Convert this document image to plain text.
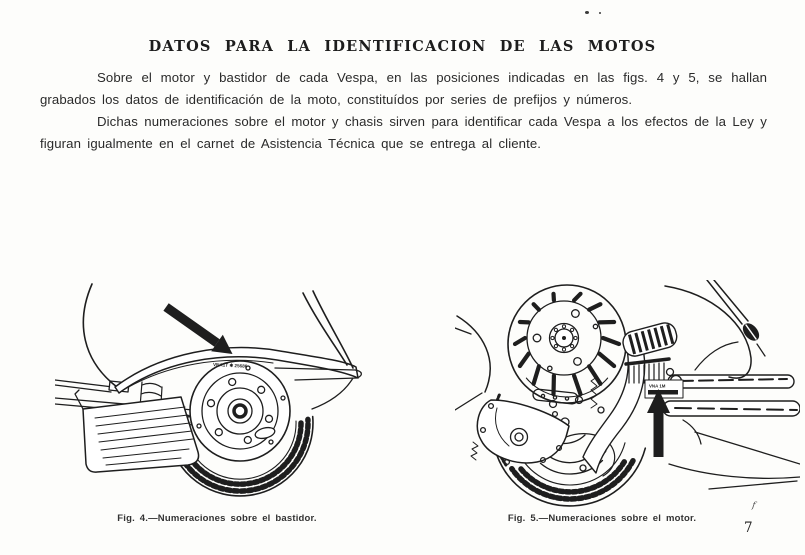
DATOS PARA LA IDENTIFICACION DE LAS MOTOS

Sobre el motor y bastidor de cada Vespa, en las posiciones indicadas en las figs. 4 y 5, se hallan grabados los datos de identificación de la moto, constituídos por series de prefijos y números.

Dichas numeraciones sobre el motor y chasis sirven para identificar cada Vespa a los efectos de la Ley y figuran igualmente en el carnet de Asistencia Técnica que se entrega al cliente.

VNA1T ✱ 25686
VNA 1M
Fig. 4.—Numeraciones sobre el bastidor.	Fig. 5.—Numeraciones sobre el motor.
7
f
